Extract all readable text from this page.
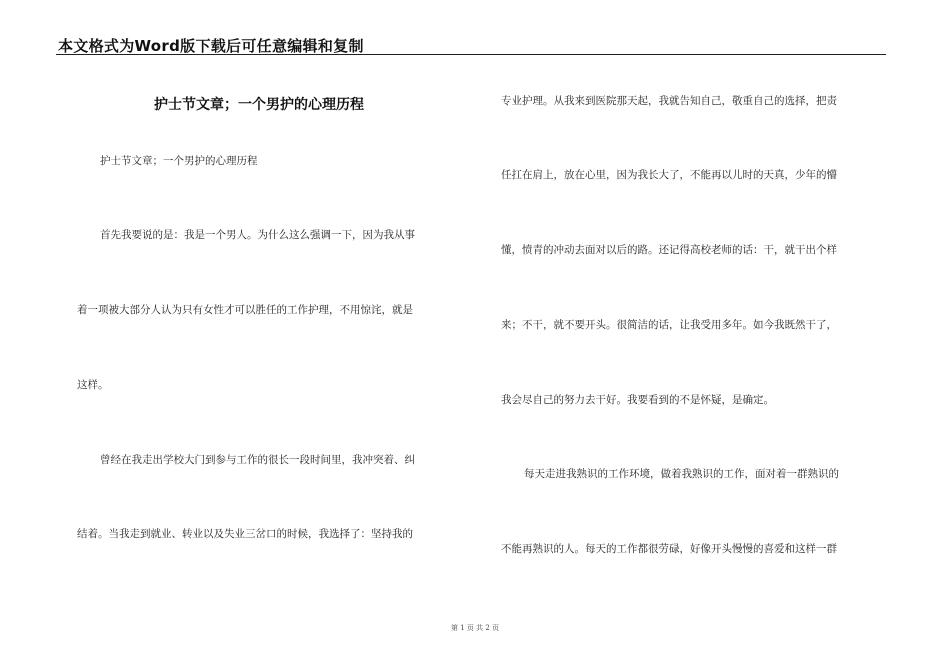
本文格式为Word版下载后可任意编辑和复制
护士节文章；一个男护的心理历程
护士节文章；一个男护的心理历程
首先我要说的是：我是一个男人。为什么这么强调一下，因为我从事
着一项被大部分人认为只有女性才可以胜任的工作护理，不用惊诧，就是
这样。
曾经在我走出学校大门到参与工作的很长一段时间里，我冲突着、纠
结着。当我走到就业、转业以及失业三岔口的时候，我选择了：坚持我的
专业护理。从我来到医院那天起，我就告知自己，敬重自己的选择，把责
任扛在肩上，放在心里，因为我长大了，不能再以儿时的天真，少年的懵
懂，愤青的冲动去面对以后的路。还记得高校老师的话：干，就干出个样
来；不干，就不要开头。很简洁的话，让我受用多年。如今我既然干了，
我会尽自己的努力去干好。我要看到的不是怀疑，是确定。
每天走进我熟识的工作环境，做着我熟识的工作，面对着一群熟识的
不能再熟识的人。每天的工作都很劳碌，好像开头慢慢的喜爱和这样一群
第 1 页 共 2 页
